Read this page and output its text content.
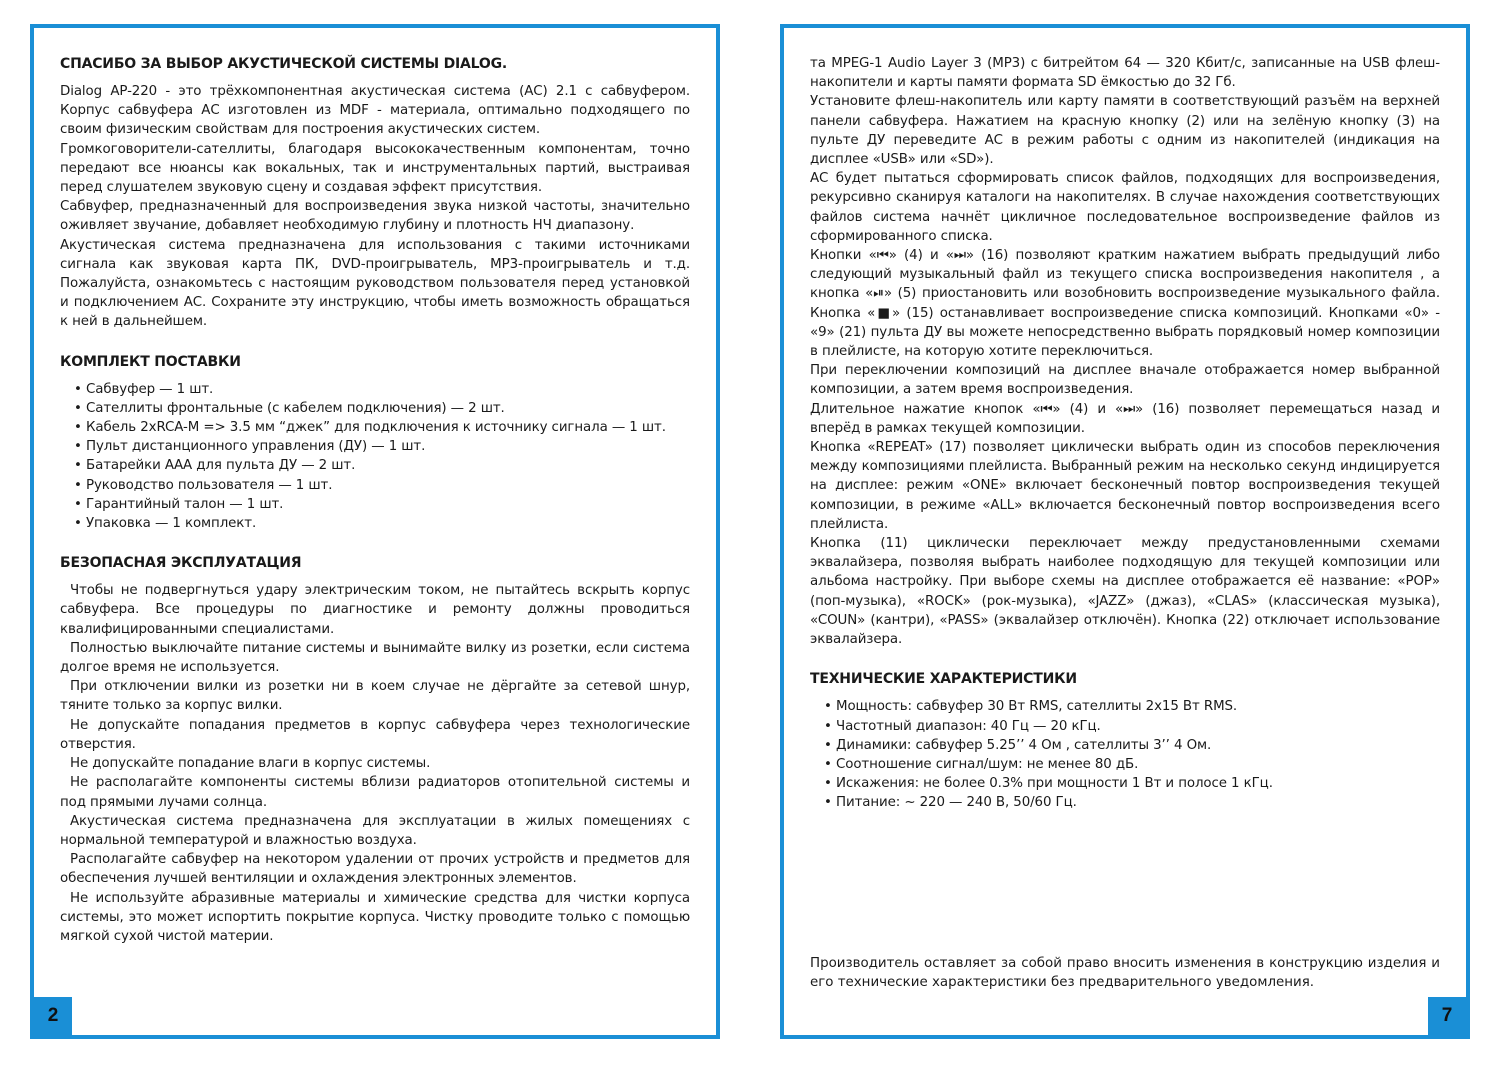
СПАСИБО ЗА ВЫБОР АКУСТИЧЕСКОЙ СИСТЕМЫ DIALOG.

Dialog AP-220 - это трёхкомпонентная акустическая система (АС) 2.1 с сабвуфером. Корпус сабвуфера АС изготовлен из MDF - материала, оптимально подходящего по своим физическим свойствам для построения акустических систем.

Громкоговорители-сателлиты, благодаря высококачественным компонентам, точно передают все нюансы как вокальных, так и инструментальных партий, выстраивая перед слушателем звуковую сцену и создавая эффект присутствия.

Сабвуфер, предназначенный для воспроизведения звука низкой частоты, значительно оживляет звучание, добавляет необходимую глубину и плотность НЧ диапазону.

Акустическая система предназначена для использования с такими источниками сигнала как звуковая карта ПК, DVD-проигрыватель, MP3-проигрыватель и т.д. Пожалуйста, ознакомьтесь с настоящим руководством пользователя перед установкой и подключением АС. Сохраните эту инструкцию, чтобы иметь возможность обращаться к ней в дальнейшем.

КОМПЛЕКТ ПОСТАВКИ
• Сабвуфер — 1 шт.
• Сателлиты фронтальные (с кабелем подключения) — 2 шт.
• Кабель 2хRCA-M => 3.5 мм “джек” для подключения к источнику сигнала — 1 шт.
• Пульт дистанционного управления (ДУ) — 1 шт.
• Батарейки ААА для пульта ДУ — 2 шт.
• Руководство пользователя — 1 шт.
• Гарантийный талон — 1 шт.
• Упаковка — 1 комплект.
БЕЗОПАСНАЯ ЭКСПЛУАТАЦИЯ

Чтобы не подвергнуться удару электрическим током, не пытайтесь вскрыть корпус сабвуфера. Все процедуры по диагностике и ремонту должны проводиться квалифицированными специалистами.

Полностью выключайте питание системы и вынимайте вилку из розетки, если система долгое время не используется.

При отключении вилки из розетки ни в коем случае не дёргайте за сетевой шнур, тяните только за корпус вилки.

Не допускайте попадания предметов в корпус сабвуфера через технологические отверстия.

Не допускайте попадание влаги в корпус системы.

Не располагайте компоненты системы вблизи радиаторов отопительной системы и под прямыми лучами солнца.

Акустическая система предназначена для эксплуатации в жилых помещениях с нормальной температурой и влажностью воздуха.

Располагайте сабвуфер на некотором удалении от прочих устройств и предметов для обеспечения лучшей вентиляции и охлаждения электронных элементов.

Не используйте абразивные материалы и химические средства для чистки корпуса системы, это может испортить покрытие корпуса. Чистку проводите только с помощью мягкой сухой чистой материи.

2

та MPEG-1 Audio Layer 3 (MP3) с битрейтом 64 — 320 Кбит/с, записанные на USB флеш-накопители и карты памяти формата SD ёмкостью до 32 Гб.

Установите флеш-накопитель или карту памяти в соответствующий разъём на верхней панели сабвуфера. Нажатием на красную кнопку (2) или на зелёную кнопку (3) на пульте ДУ переведите АС в режим работы с одним из накопителей (индикация на дисплее «USB» или «SD»).

АС будет пытаться сформировать список файлов, подходящих для воспроизведения, рекурсивно сканируя каталоги на накопителях. В случае нахождения соответствующих файлов система начнёт цикличное последовательное воспроизведение файлов из сформированного списка.

Кнопки «⏮» (4) и «⏭» (16) позволяют кратким нажатием выбрать предыдущий либо следующий музыкальный файл из текущего списка воспроизведения накопителя , а кнопка «⏯» (5) приостановить или возобновить воспроизведение музыкального файла. Кнопка «■» (15) останавливает воспроизведение списка композиций. Кнопками «0» - «9» (21) пульта ДУ вы можете непосредственно выбрать порядковый номер композиции в плейлисте, на которую хотите переключиться.

При переключении композиций на дисплее вначале отображается номер выбранной композиции, а затем время воспроизведения.

Длительное нажатие кнопок «⏮» (4) и «⏭» (16) позволяет перемещаться назад и вперёд в рамках текущей композиции.

Кнопка «REPEAT» (17) позволяет циклически выбрать один из способов переключения между композициями плейлиста. Выбранный режим на несколько секунд индицируется на дисплее: режим «ONE» включает бесконечный повтор воспроизведения текущей композиции, в режиме «ALL» включается бесконечный повтор воспроизведения всего плейлиста.

Кнопка (11) циклически переключает между предустановленными схемами эквалайзера, позволяя выбрать наиболее подходящую для текущей композиции или альбома настройку. При выборе схемы на дисплее отображается её название: «POP» (поп-музыка), «ROCK» (рок-музыка), «JAZZ» (джаз), «CLAS» (классическая музыка), «COUN» (кантри), «PASS» (эквалайзер отключён). Кнопка (22) отключает использование эквалайзера.

ТЕХНИЧЕСКИЕ ХАРАКТЕРИСТИКИ
• Мощность: сабвуфер 30 Вт RMS, сателлиты 2х15 Вт RMS.
• Частотный диапазон: 40 Гц — 20 кГц.
• Динамики: сабвуфер 5.25’’ 4 Ом , сателлиты 3’’ 4 Ом.
• Соотношение сигнал/шум: не менее 80 дБ.
• Искажения: не более 0.3% при мощности 1 Вт и полосе 1 кГц.
• Питание: ~ 220 — 240 В, 50/60 Гц.

Производитель оставляет за собой право вносить изменения в конструкцию изделия и его технические характеристики без предварительного уведомления.

7
